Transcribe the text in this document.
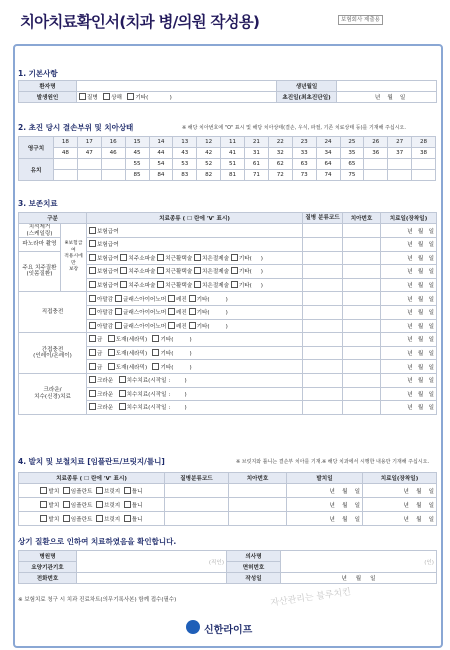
치아치료확인서(치과 병/의원 작성용)	보험회사 제출용
1. 기본사항
환자명		생년월일	
발생원인	질병 상해 기타( )	초진일(최초진단일)	년 월 일
2. 초진 당시 결손부위 및 치아상태	※ 해당 치아번호에 "O" 표시 및 해당 치아상태(결손, 우식, 파절, 기존 치료상태 등)를 기재해 주십시오.
영구치	18	17	16	15	14	13	12	11	21	22	23	24	25	26	27	28
	48	47	46	45	44	43	42	41	31	32	33	34	35	36	37	38
유치				55	54	53	52	51	61	62	63	64	65			
				85	84	83	82	81	71	72	73	74	75			
3. 보존치료
구분		치료종류 ( ☐ 란에 'V' 표시)	질병 분류코드	치아번호	치료일(장착일)
치석제거
(스케일링)	※보험급여
적용시에만
보장	보험급여			년 월 일
파노라마 촬영		보험급여			년 월 일
주요 치주질환
(잇몸질환)		보험급여 치주소파술 치근활택술 치은절제술 기타( )			년 월 일
		보험급여 치주소파술 치근활택술 치은절제술 기타( )			년 월 일
		보험급여 치주소파술 치근활택술 치은절제술 기타( )			년 월 일
직접충전		아말감 글래스아이어노머 레진 기타( )			년 월 일
		아말감 글래스아이어노머 레진 기타( )			년 월 일
		아말감 글래스아이어노머 레진 기타( )			년 월 일
간접충전
(인레이/온레이)		금 도재(세라믹) 기타( )			년 월 일
		금 도재(세라믹) 기타( )			년 월 일
		금 도재(세라믹) 기타( )			년 월 일
크라운/
치수(신경)치료		크라운 치수치료(시작일 : )			년 월 일
		크라운 치수치료(시작일 : )			년 월 일
		크라운 치수치료(시작일 : )			년 월 일
4. 발치 및 보철치료 [임플란트/브릿지/틀니]	※ 브릿지와 틀니는 결손부 치아를 기재. ※ 해당 치과에서 시행한 내용만 기재해 주십시오.
치료종류 ( ☐ 란에 'V' 표시)	질병분류코드	치아번호	발치일	치료일(장착일)
발치 임플란트 브릿지 틀니			년 월 일	년 월 일
발치 임플란트 브릿지 틀니			년 월 일	년 월 일
발치 임플란트 브릿지 틀니			년 월 일	년 월 일
상기 질환으로 인하여 치료하였음을 확인합니다.
병원명	(직인)	의사명	(인)
요양기관기호		면허번호	
전화번호		작성일	년 월 일
※ 보험치료 청구 시 치과 진료차트(의무기록사본) 함께 접수(필수)	자산관리는 블루치킨
신한라이프
